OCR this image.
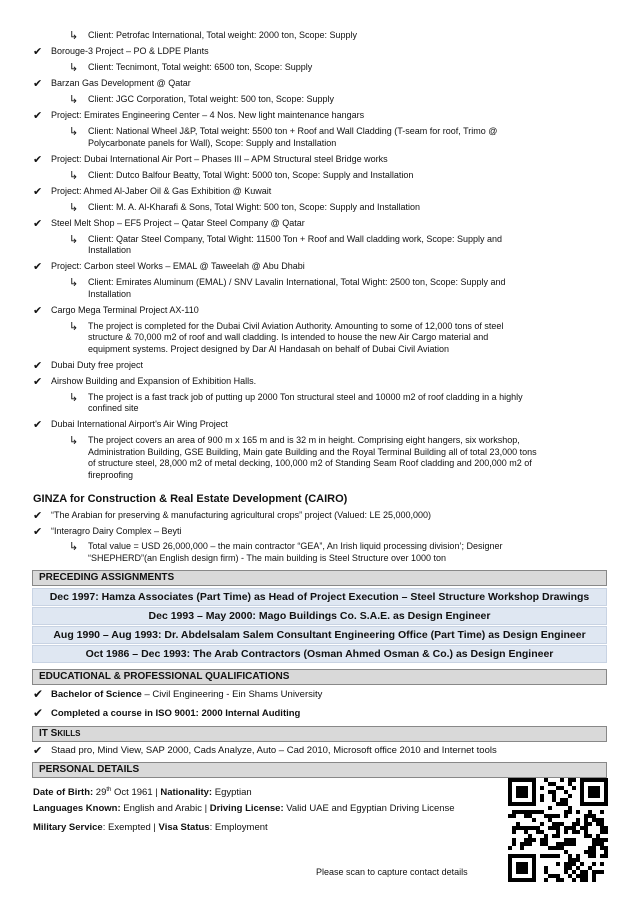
↳ Client: Petrofac International, Total weight: 2000 ton, Scope: Supply
✔ Borouge-3 Project – PO & LDPE Plants
↳ Client: Tecnimont, Total weight: 6500 ton, Scope: Supply
✔ Barzan Gas Development @ Qatar
↳ Client: JGC Corporation, Total weight: 500 ton, Scope: Supply
✔ Project: Emirates Engineering Center – 4 Nos. New light maintenance hangars
↳ Client: National Wheel J&P, Total weight: 5500 ton + Roof and Wall Cladding (T-seam for roof, Trimo @
Polycarbonate panels for Wall), Scope: Supply and Installation
✔ Project: Dubai International Air Port – Phases III – APM Structural steel Bridge works
↳ Client: Dutco Balfour Beatty, Total Wight: 5000 ton, Scope: Supply and Installation
✔ Project: Ahmed Al-Jaber Oil & Gas Exhibition @ Kuwait
↳ Client: M. A. Al-Kharafi & Sons, Total Wight: 500 ton, Scope: Supply and Installation
✔ Steel Melt Shop – EF5 Project – Qatar Steel Company @ Qatar
↳ Client: Qatar Steel Company, Total Wight: 11500 Ton + Roof and Wall cladding work, Scope: Supply and
Installation
✔ Project: Carbon steel Works – EMAL @ Taweelah @ Abu Dhabi
↳ Client: Emirates Aluminum (EMAL) / SNV Lavalin International, Total Wight: 2500 ton, Scope: Supply and
Installation
✔ Cargo Mega Terminal Project AX-110
↳ The project is completed for the Dubai Civil Aviation Authority. Amounting to some of 12,000 tons of steel
structure & 70,000 m2 of roof and wall cladding. Is intended to house the new Air Cargo material and
equipment systems. Project designed by Dar Al Handasah on behalf of Dubai Civil Aviation
✔ Dubai Duty free project
✔ Airshow Building and Expansion of Exhibition Halls.
↳ The project is a fast track job of putting up 2000 Ton structural steel and 10000 m2 of roof cladding in a highly
confined site
✔ Dubai International Airport's Air Wing Project
↳ The project covers an area of 900 m x 165 m and is 32 m in height. Comprising eight hangers, six workshop,
Administration Building, GSE Building, Main gate Building and the Royal Terminal Building all of total 23,000 tons
of structure steel, 28,000 m2 of metal decking, 100,000 m2 of Standing Seam Roof cladding and 200,000 m2 of
fireproofing
GINZA for Construction & Real Estate Development (CAIRO)
✔ “The Arabian for preserving & manufacturing agricultural crops” project (Valued: LE 25,000,000)
✔ “Interagro Dairy Complex – Beyti
↳ Total value = USD 26,000,000 – the main contractor “GEA”, An Irish liquid processing division’; Designer
“SHEPHERD”(an English design firm) - The main building is Steel Structure over 1000 ton
PRECEDING ASSIGNMENTS
Dec 1997: Hamza Associates (Part Time) as Head of Project Execution – Steel Structure Workshop Drawings
Dec 1993 – May 2000: Mago Buildings Co. S.A.E. as Design Engineer
Aug 1990 – Aug 1993: Dr. Abdelsalam Salem Consultant Engineering Office (Part Time) as Design Engineer
Oct 1986 – Dec 1993: The Arab Contractors (Osman Ahmed Osman & Co.) as Design Engineer
EDUCATIONAL & PROFESSIONAL QUALIFICATIONS
✔ Bachelor of Science – Civil Engineering - Ein Shams University
✔ Completed a course in ISO 9001: 2000 Internal Auditing
IT SKILLS
✔ Staad pro, Mind View, SAP 2000, Cads Analyze, Auto – Cad 2010, Microsoft office 2010 and Internet tools
PERSONAL DETAILS
Date of Birth: 29th Oct 1961 | Nationality: Egyptian
Languages Known: English and Arabic | Driving License: Valid UAE and Egyptian Driving License
Military Service: Exempted | Visa Status: Employment
Please scan to capture contact details
